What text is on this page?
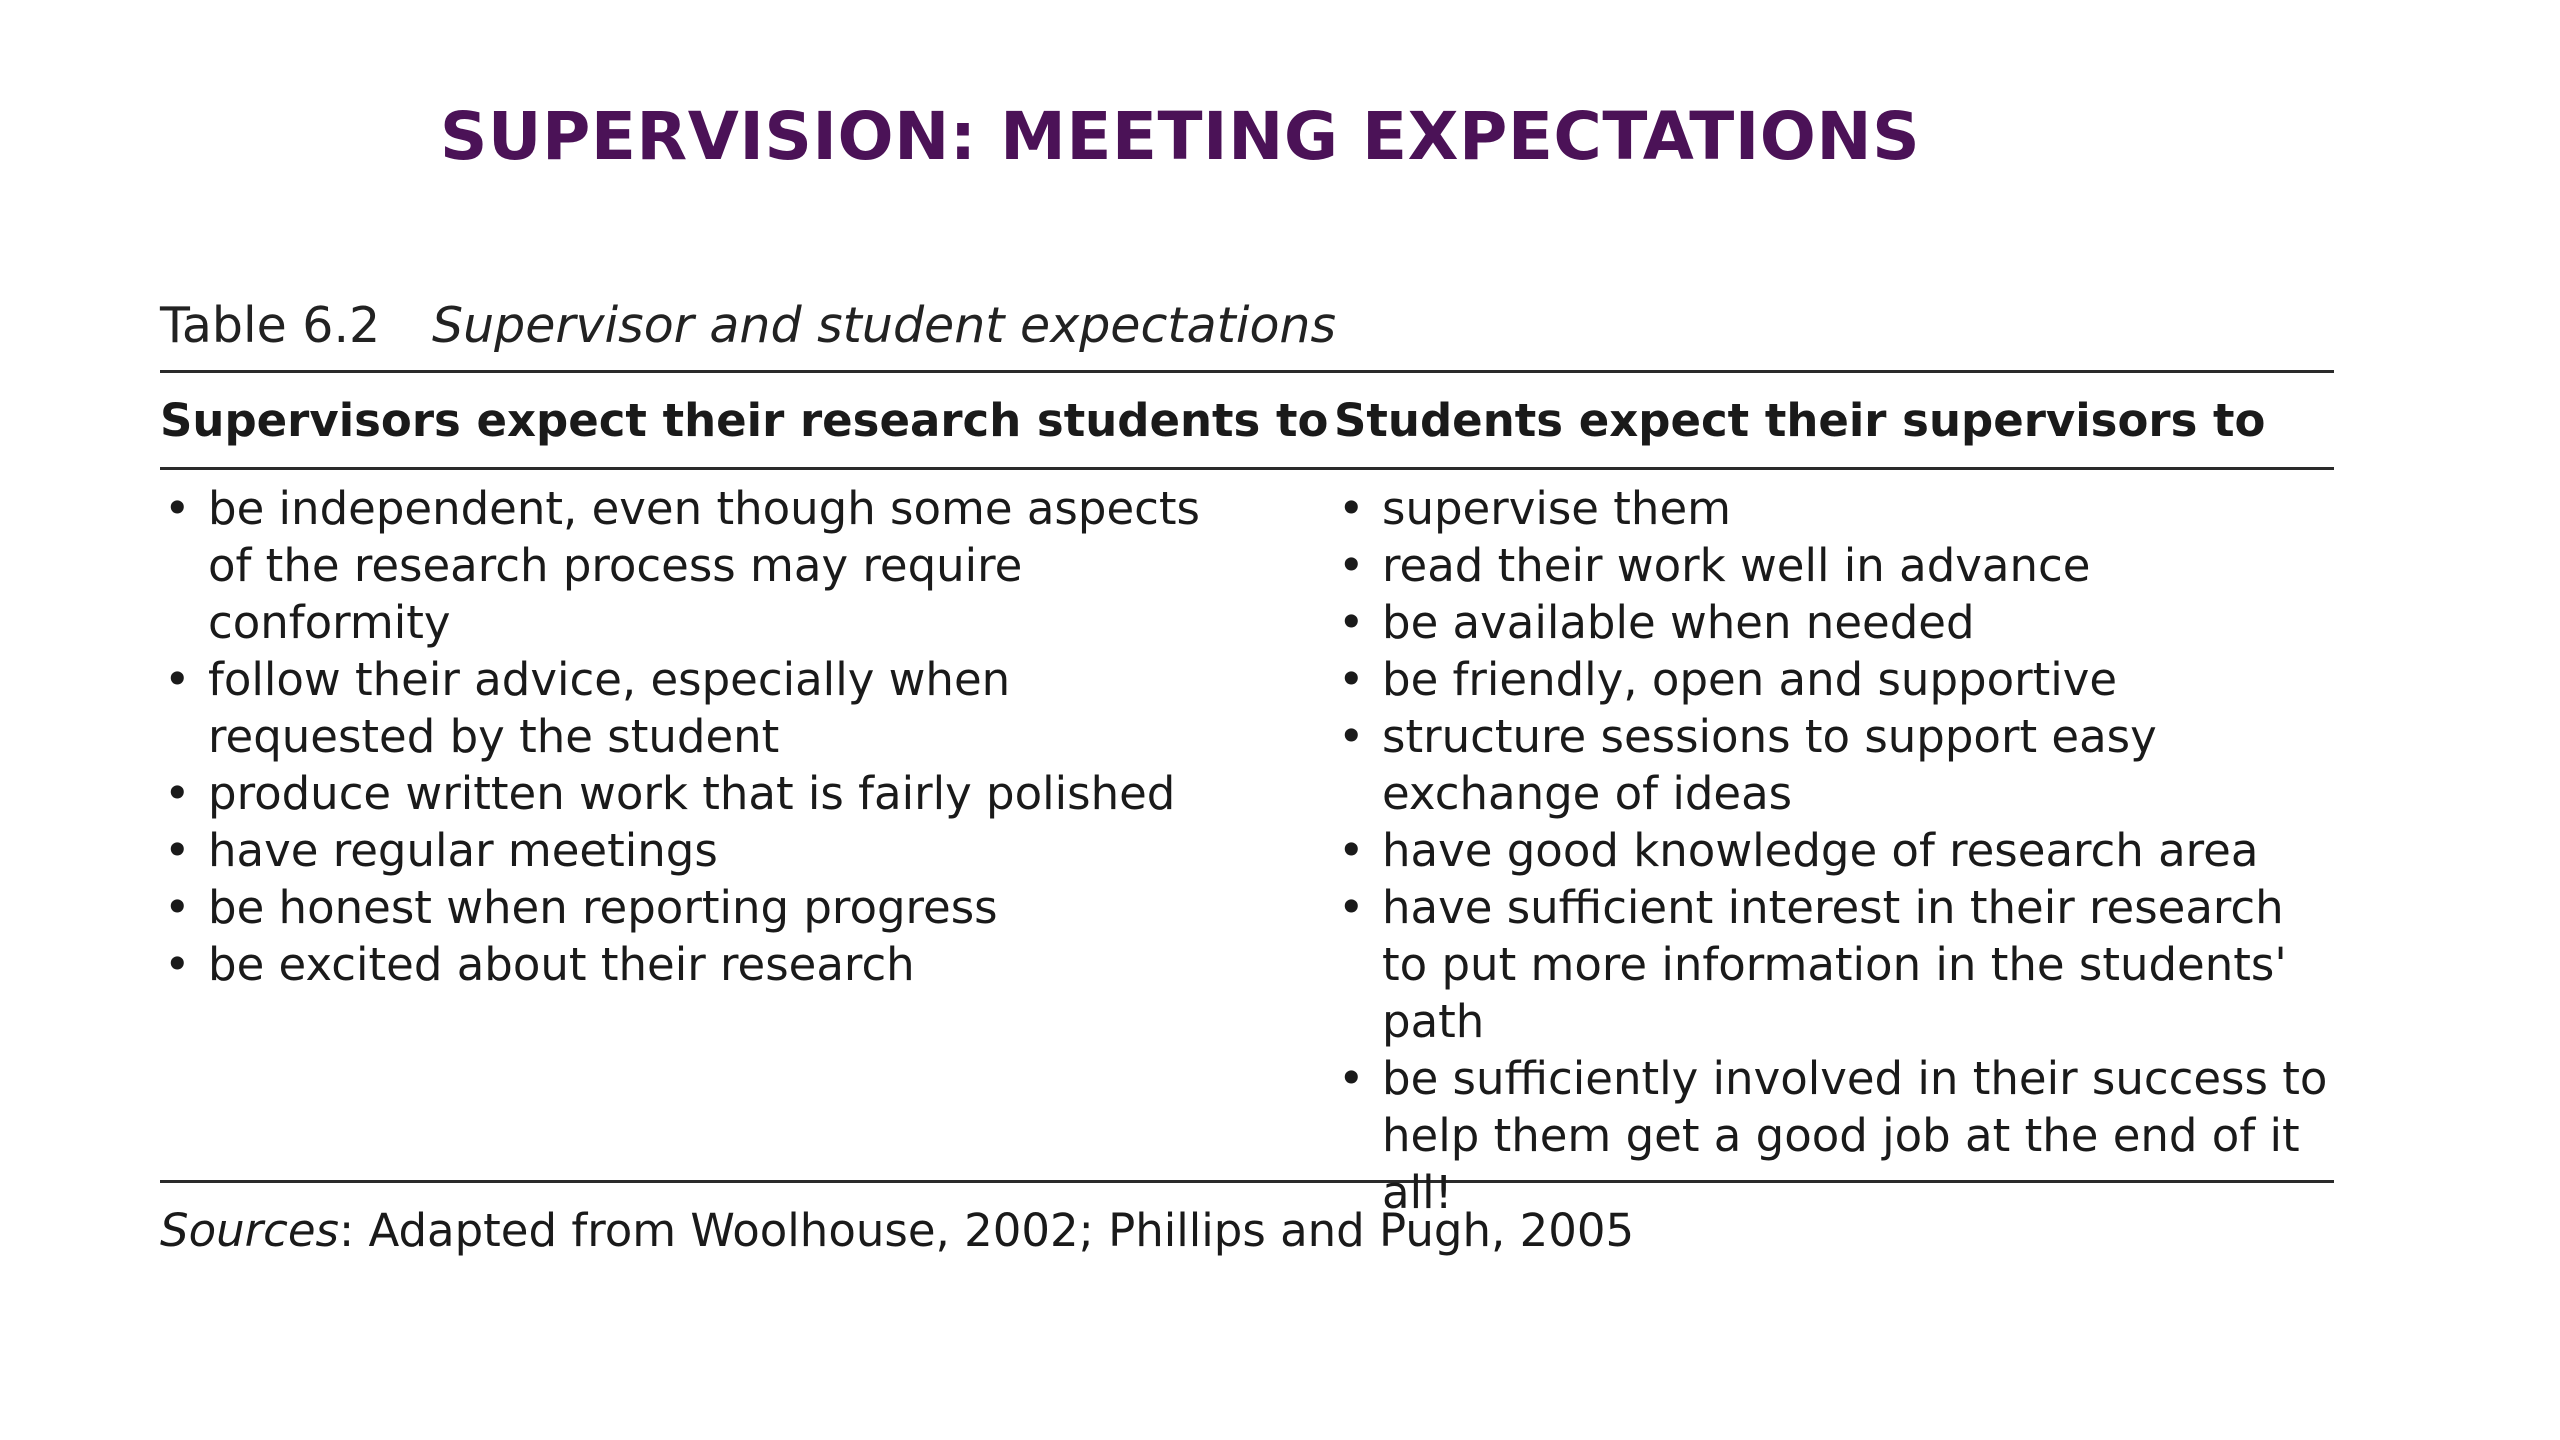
SUPERVISION: MEETING EXPECTATIONS
Table 6.2 Supervisor and student expectations
Supervisors expect their research students to Students expect their supervisors to
• be independent, even though some aspects of the research process may require conformity
• follow their advice, especially when requested by the student
• produce written work that is fairly polished
• have regular meetings
• be honest when reporting progress
• be excited about their research
• supervise them
• read their work well in advance
• be available when needed
• be friendly, open and supportive
• structure sessions to support easy exchange of ideas
• have good knowledge of research area
• have sufficient interest in their research to put more information in the students' path
• be sufficiently involved in their success to help them get a good job at the end of it all!
Sources: Adapted from Woolhouse, 2002; Phillips and Pugh, 2005
